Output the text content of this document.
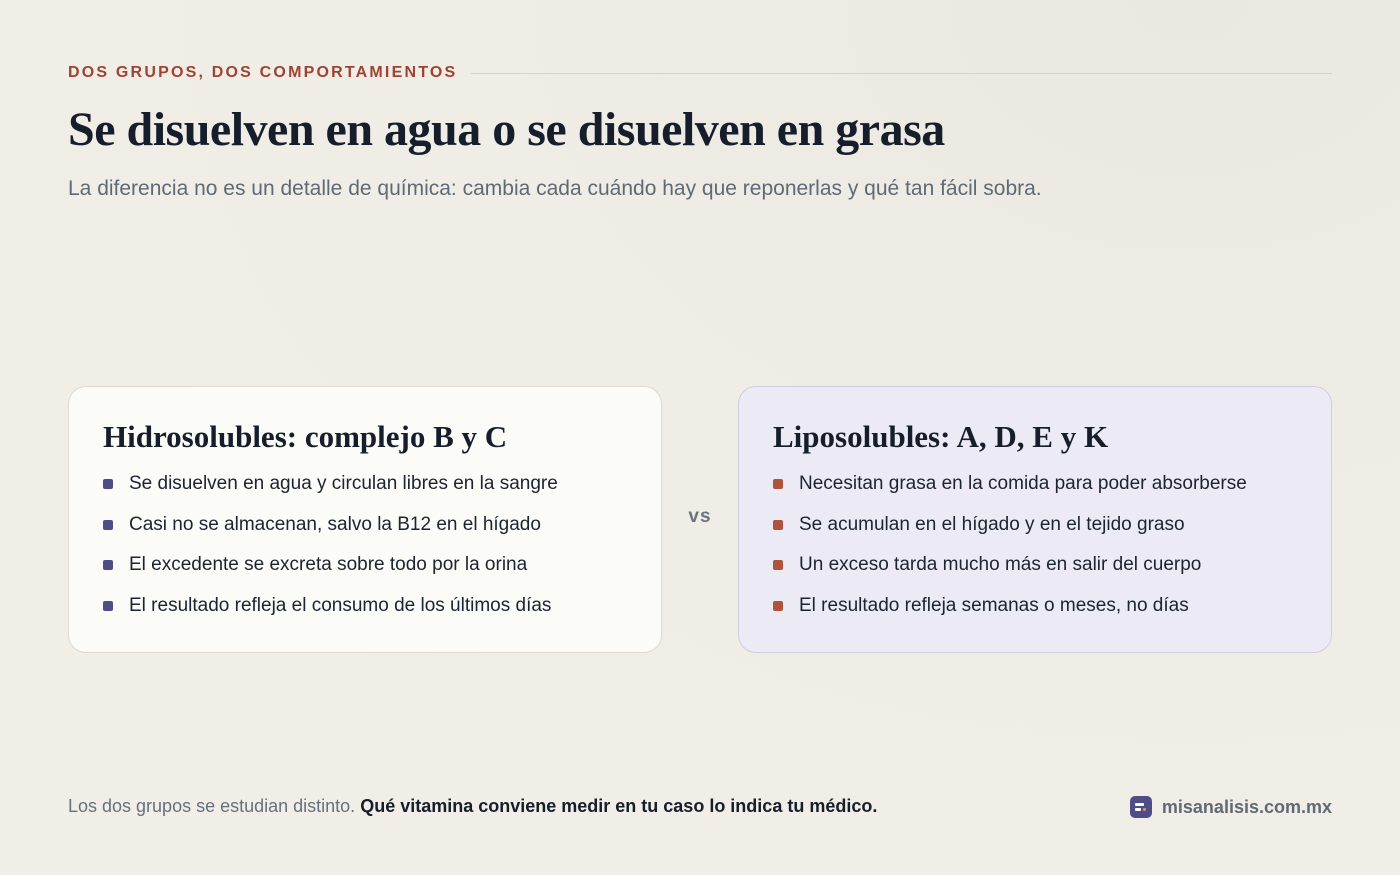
DOS GRUPOS, DOS COMPORTAMIENTOS
Se disuelven en agua o se disuelven en grasa

La diferencia no es un detalle de química: cambia cada cuándo hay que reponerlas y qué tan fácil sobra.

Hidrosolubles: complejo B y C
Se disuelven en agua y circulan libres en la sangre
Casi no se almacenan, salvo la B12 en el hígado
El excedente se excreta sobre todo por la orina
El resultado refleja el consumo de los últimos días
vs
Liposolubles: A, D, E y K
Necesitan grasa en la comida para poder absorberse
Se acumulan en el hígado y en el tejido graso
Un exceso tarda mucho más en salir del cuerpo
El resultado refleja semanas o meses, no días

Los dos grupos se estudian distinto. Qué vitamina conviene medir en tu caso lo indica tu médico.	misanalisis.com.mx
